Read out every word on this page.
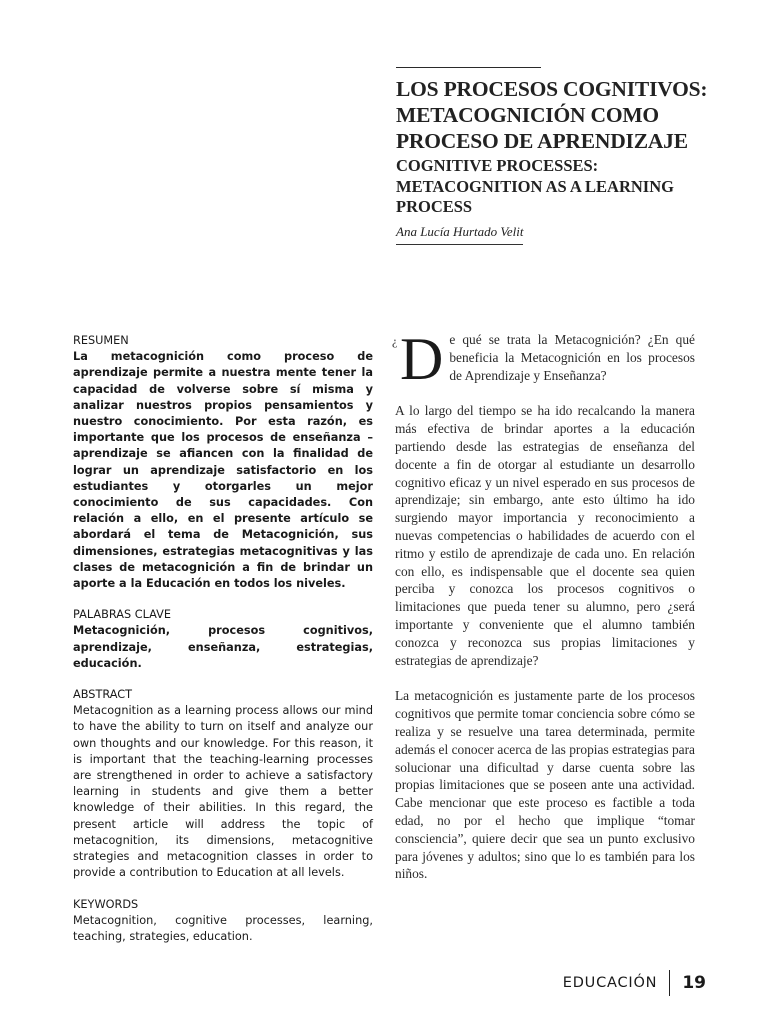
LOS PROCESOS COGNITIVOS: METACOGNICIÓN COMO PROCESO DE APRENDIZAJE
COGNITIVE PROCESSES: METACOGNITION AS A LEARNING PROCESS
Ana Lucía Hurtado Velit
RESUMEN

La metacognición como proceso de aprendizaje permite a nuestra mente tener la capacidad de volverse sobre sí misma y analizar nuestros propios pensamientos y nuestro conocimiento. Por esta razón, es importante que los procesos de enseñanza – aprendizaje se afiancen con la finalidad de lograr un aprendizaje satisfactorio en los estudiantes y otorgarles un mejor conocimiento de sus capacidades. Con relación a ello, en el presente artículo se abordará el tema de Metacognición, sus dimensiones, estrategias metacognitivas y las clases de metacognición a fin de brindar un aporte a la Educación en todos los niveles.

PALABRAS CLAVE

Metacognición, procesos cognitivos, aprendizaje, enseñanza, estrategias, educación.

ABSTRACT

Metacognition as a learning process allows our mind to have the ability to turn on itself and analyze our own thoughts and our knowledge. For this reason, it is important that the teaching-learning processes are strengthened in order to achieve a satisfactory learning in students and give them a better knowledge of their abilities. In this regard, the present article will address the topic of metacognition, its dimensions, metacognitive strategies and metacognition classes in order to provide a contribution to Education at all levels.

KEYWORDS

Metacognition, cognitive processes, learning, teaching, strategies, education.

¿ D e qué se trata la Metacognición? ¿En qué beneficia la Metacognición en los procesos de Aprendizaje y Enseñanza?

A lo largo del tiempo se ha ido recalcando la manera más efectiva de brindar aportes a la educación partiendo desde las estrategias de enseñanza del docente a fin de otorgar al estudiante un desarrollo cognitivo eficaz y un nivel esperado en sus procesos de aprendizaje; sin embargo, ante esto último ha ido surgiendo mayor importancia y reconocimiento a nuevas competencias o habilidades de acuerdo con el ritmo y estilo de aprendizaje de cada uno. En relación con ello, es indispensable que el docente sea quien perciba y conozca los procesos cognitivos o limitaciones que pueda tener su alumno, pero ¿será importante y conveniente que el alumno también conozca y reconozca sus propias limitaciones y estrategias de aprendizaje?

La metacognición es justamente parte de los procesos cognitivos que permite tomar conciencia sobre cómo se realiza y se resuelve una tarea determinada, permite además el conocer acerca de las propias estrategias para solucionar una dificultad y darse cuenta sobre las propias limitaciones que se poseen ante una actividad. Cabe mencionar que este proceso es factible a toda edad, no por el hecho que implique “tomar consciencia”, quiere decir que sea un punto exclusivo para jóvenes y adultos; sino que lo es también para los niños.

EDUCACIÓN 19
